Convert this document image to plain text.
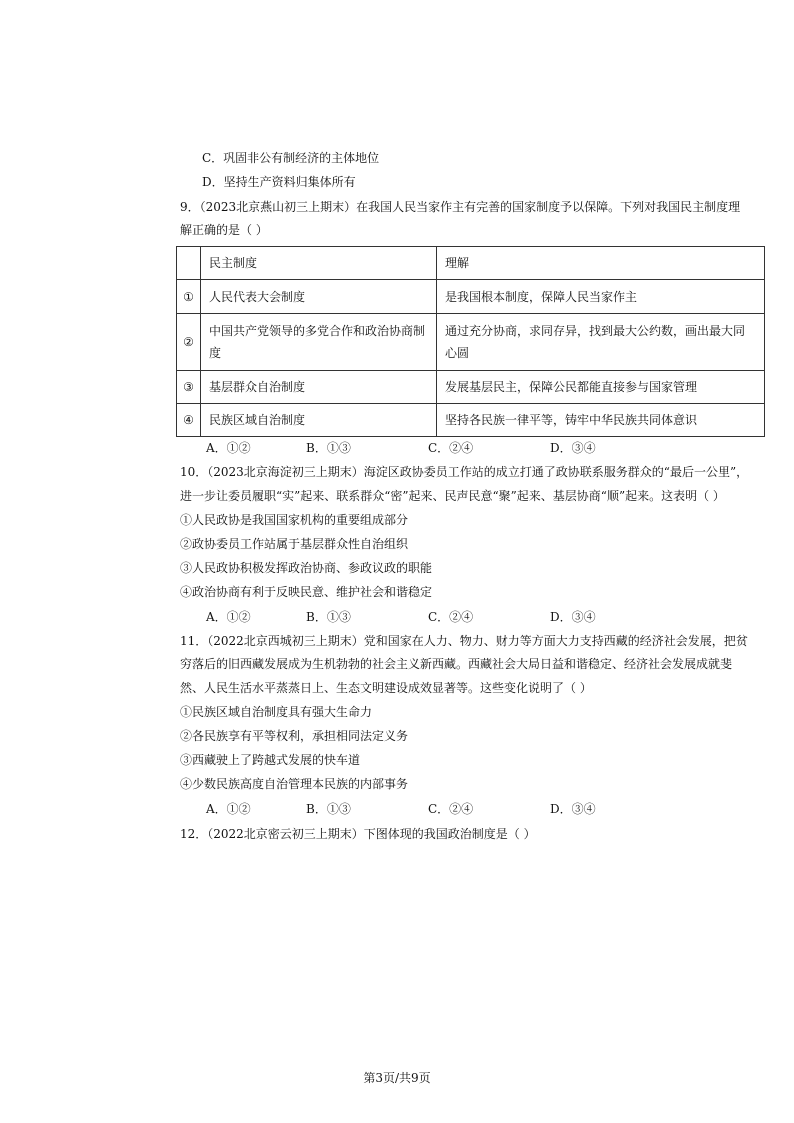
C．巩固非公有制经济的主体地位
D．坚持生产资料归集体所有
9．（2023北京燕山初三上期末）在我国人民当家作主有完善的国家制度予以保障。下列对我国民主制度理
解正确的是（ ）
	民主制度	理解
①	人民代表大会制度	是我国根本制度，保障人民当家作主
②	中国共产党领导的多党合作和政治协商制度	通过充分协商，求同存异，找到最大公约数，画出最大同心圆
③	基层群众自治制度	发展基层民主，保障公民都能直接参与国家管理
④	民族区域自治制度	坚持各民族一律平等，铸牢中华民族共同体意识
A．①②	B．①③	C．②④	D．③④
10．（2023北京海淀初三上期末）海淀区政协委员工作站的成立打通了政协联系服务群众的“最后一公里”，
进一步让委员履职“实”起来、联系群众“密”起来、民声民意“聚”起来、基层协商“顺”起来。这表明（ ）
①人民政协是我国国家机构的重要组成部分
②政协委员工作站属于基层群众性自治组织
③人民政协积极发挥政治协商、参政议政的职能
④政治协商有利于反映民意、维护社会和谐稳定
A．①②	B．①③	C．②④	D．③④
11．（2022北京西城初三上期末）党和国家在人力、物力、财力等方面大力支持西藏的经济社会发展，把贫
穷落后的旧西藏发展成为生机勃勃的社会主义新西藏。西藏社会大局日益和谐稳定、经济社会发展成就斐
然、人民生活水平蒸蒸日上、生态文明建设成效显著等。这些变化说明了（ ）
①民族区域自治制度具有强大生命力
②各民族享有平等权利，承担相同法定义务
③西藏驶上了跨越式发展的快车道
④少数民族高度自治管理本民族的内部事务
A．①②	B．①③	C．②④	D．③④
12．（2022北京密云初三上期末）下图体现的我国政治制度是（ ）
第3页/共9页
